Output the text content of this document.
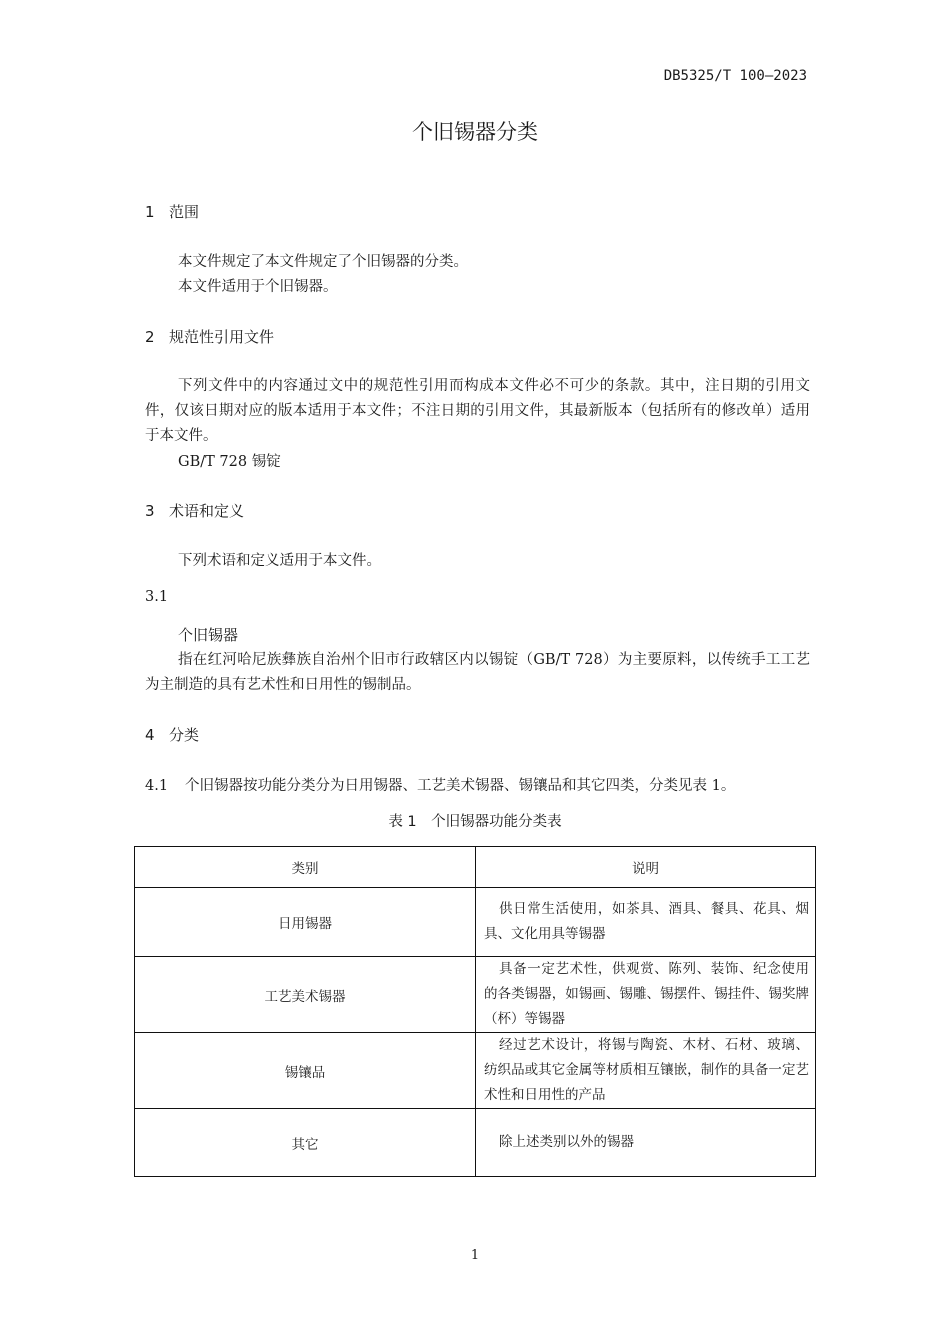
DB5325/T 100—2023
个旧锡器分类
1 范围
本文件规定了本文件规定了个旧锡器的分类。
本文件适用于个旧锡器。
2 规范性引用文件
下列文件中的内容通过文中的规范性引用而构成本文件必不可少的条款。其中，注日期的引用文件，仅该日期对应的版本适用于本文件；不注日期的引用文件，其最新版本（包括所有的修改单）适用于本文件。
GB/T 728 锡锭
3 术语和定义
下列术语和定义适用于本文件。
3.1
个旧锡器
指在红河哈尼族彝族自治州个旧市行政辖区内以锡锭（GB/T 728）为主要原料，以传统手工工艺为主制造的具有艺术性和日用性的锡制品。
4 分类
4.1 个旧锡器按功能分类分为日用锡器、工艺美术锡器、锡镶品和其它四类，分类见表 1。
表 1　个旧锡器功能分类表
类别	说明
日用锡器	供日常生活使用，如茶具、酒具、餐具、花具、烟具、文化用具等锡器
工艺美术锡器	具备一定艺术性，供观赏、陈列、装饰、纪念使用的各类锡器，如锡画、锡雕、锡摆件、锡挂件、锡奖牌（杯）等锡器
锡镶品	经过艺术设计，将锡与陶瓷、木材、石材、玻璃、纺织品或其它金属等材质相互镶嵌，制作的具备一定艺术性和日用性的产品
其它	除上述类别以外的锡器
1
